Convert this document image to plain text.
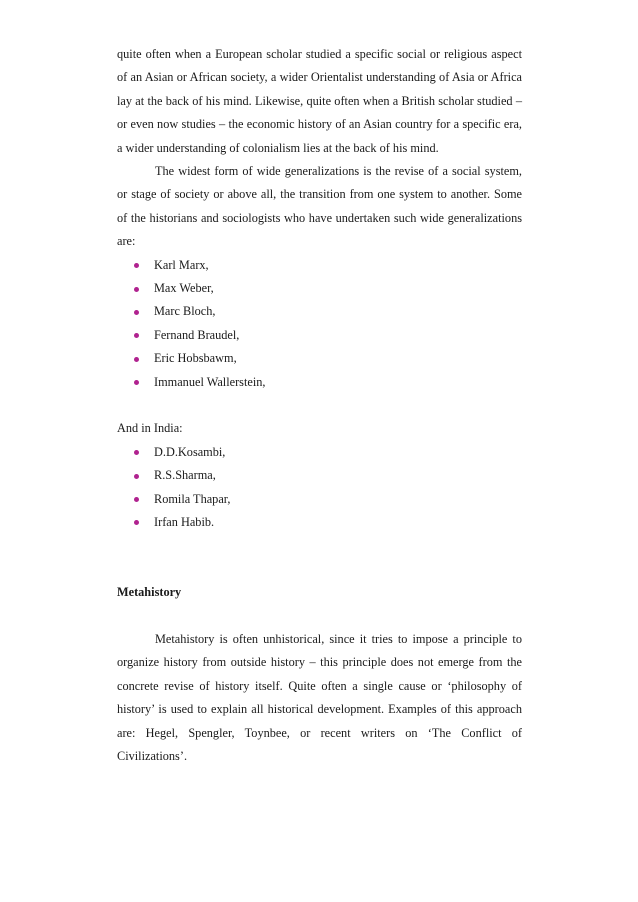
quite often when a European scholar studied a specific social or religious aspect of an Asian or African society, a wider Orientalist understanding of Asia or Africa lay at the back of his mind. Likewise, quite often when a British scholar studied – or even now studies – the economic history of an Asian country for a specific era, a wider understanding of colonialism lies at the back of his mind.

The widest form of wide generalizations is the revise of a social system, or stage of society or above all, the transition from one system to another. Some of the historians and sociologists who have undertaken such wide generalizations are:

Karl Marx,
Max Weber,
Marc Bloch,
Fernand Braudel,
Eric Hobsbawm,
Immanuel Wallerstein,

And in India:

D.D.Kosambi,
R.S.Sharma,
Romila Thapar,
Irfan Habib.
Metahistory

Metahistory is often unhistorical, since it tries to impose a principle to organize history from outside history – this principle does not emerge from the concrete revise of history itself. Quite often a single cause or ‘philosophy of history’ is used to explain all historical development. Examples of this approach are: Hegel, Spengler, Toynbee, or recent writers on ‘The Conflict of Civilizations’.
